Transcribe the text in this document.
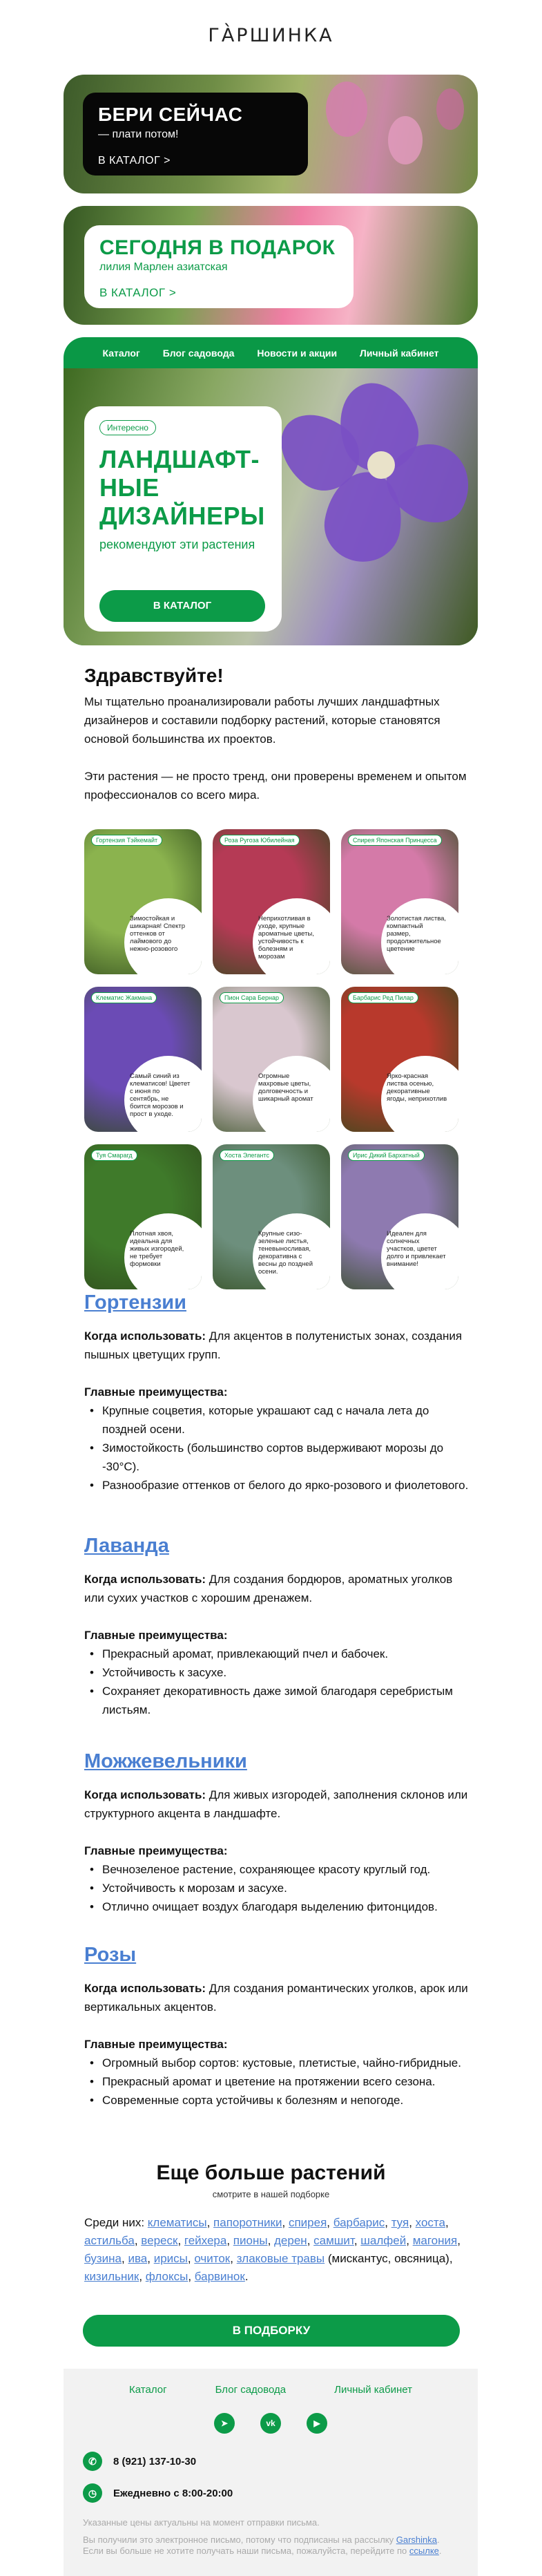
ГА̀РШИНКА
БЕРИ СЕЙЧАС
— плати потом!
В КАТАЛОГ >
СЕГОДНЯ В ПОДАРОК
лилия Марлен азиатская
В КАТАЛОГ >
Каталог Блог садовода Новости и акции Личный кабинет
Интересно
ЛАНДШАФТ-НЫЕ ДИЗАЙНЕРЫ
рекомендуют эти растения
В КАТАЛОГ
Здравствуйте!
Мы тщательно проанализировали работы лучших ландшафтных дизайнеров и составили подборку растений, которые становятся основой большинства их проектов.
Эти растения — не просто тренд, они проверены временем и опытом профессионалов со всего мира.
Гортензия Тэйкемайт
Зимостойкая и шикарная! Спектр оттенков от лаймового до нежно-розового
Роза Ругоза Юбилейная
Неприхотливая в уходе, крупные ароматные цветы, устойчивость к болезням и морозам
Спирея Японская Принцесса
Золотистая листва, компактный размер, продолжительное цветение
Клематис Жакмана
Самый синий из клематисов! Цветет с июня по сентябрь, не боится морозов и прост в уходе.
Пион Сара Бернар
Огромные махровые цветы, долговечность и шикарный аромат
Барбарис Ред Пилар
Ярко-красная листва осенью, декоративные ягоды, неприхотлив
Туя Смарагд
Плотная хвоя, идеальна для живых изгородей, не требует формовки
Хоста Элегантс
Крупные сизо-зеленые листья, теневыносливая, декоративна с весны до поздней осени.
Ирис Дикий Бархатный
Идеален для солнечных участков, цветет долго и привлекает внимание!
Гортензии
Когда использовать: Для акцентов в полутенистых зонах, создания пышных цветущих групп.
Главные преимущества:
• Крупные соцветия, которые украшают сад с начала лета до поздней осени.
• Зимостойкость (большинство сортов выдерживают морозы до -30°C).
• Разнообразие оттенков от белого до ярко-розового и фиолетового.
Лаванда
Когда использовать: Для создания бордюров, ароматных уголков или сухих участков с хорошим дренажем.
Главные преимущества:
• Прекрасный аромат, привлекающий пчел и бабочек.
• Устойчивость к засухе.
• Сохраняет декоративность даже зимой благодаря серебристым листьям.
Можжевельники
Когда использовать: Для живых изгородей, заполнения склонов или структурного акцента в ландшафте.
Главные преимущества:
• Вечнозеленое растение, сохраняющее красоту круглый год.
• Устойчивость к морозам и засухе.
• Отлично очищает воздух благодаря выделению фитонцидов.
Розы
Когда использовать: Для создания романтических уголков, арок или вертикальных акцентов.
Главные преимущества:
• Огромный выбор сортов: кустовые, плетистые, чайно-гибридные.
• Прекрасный аромат и цветение на протяжении всего сезона.
• Современные сорта устойчивы к болезням и непогоде.
Еще больше растений
смотрите в нашей подборке
Среди них: клематисы, папоротники, спирея, барбарис, туя, хоста, астильба, вереск, гейхера, пионы, дерен, самшит, шалфей, магония, бузина, ива, ирисы, очиток, злаковые травы (мискантус, овсяница), кизильник, флоксы, барвинок.
В ПОДБОРКУ
Каталог	Блог садовода	Личный кабинет
➤	vk	▶
✆	8 (921) 137-10-30
◷	Ежедневно с 8:00-20:00
Указанные цены актуальны на момент отправки письма.
Вы получили это электронное письмо, потому что подписаны на рассылку Garshinka. Если вы больше не хотите получать наши письма, пожалуйста, перейдите по ссылке.
